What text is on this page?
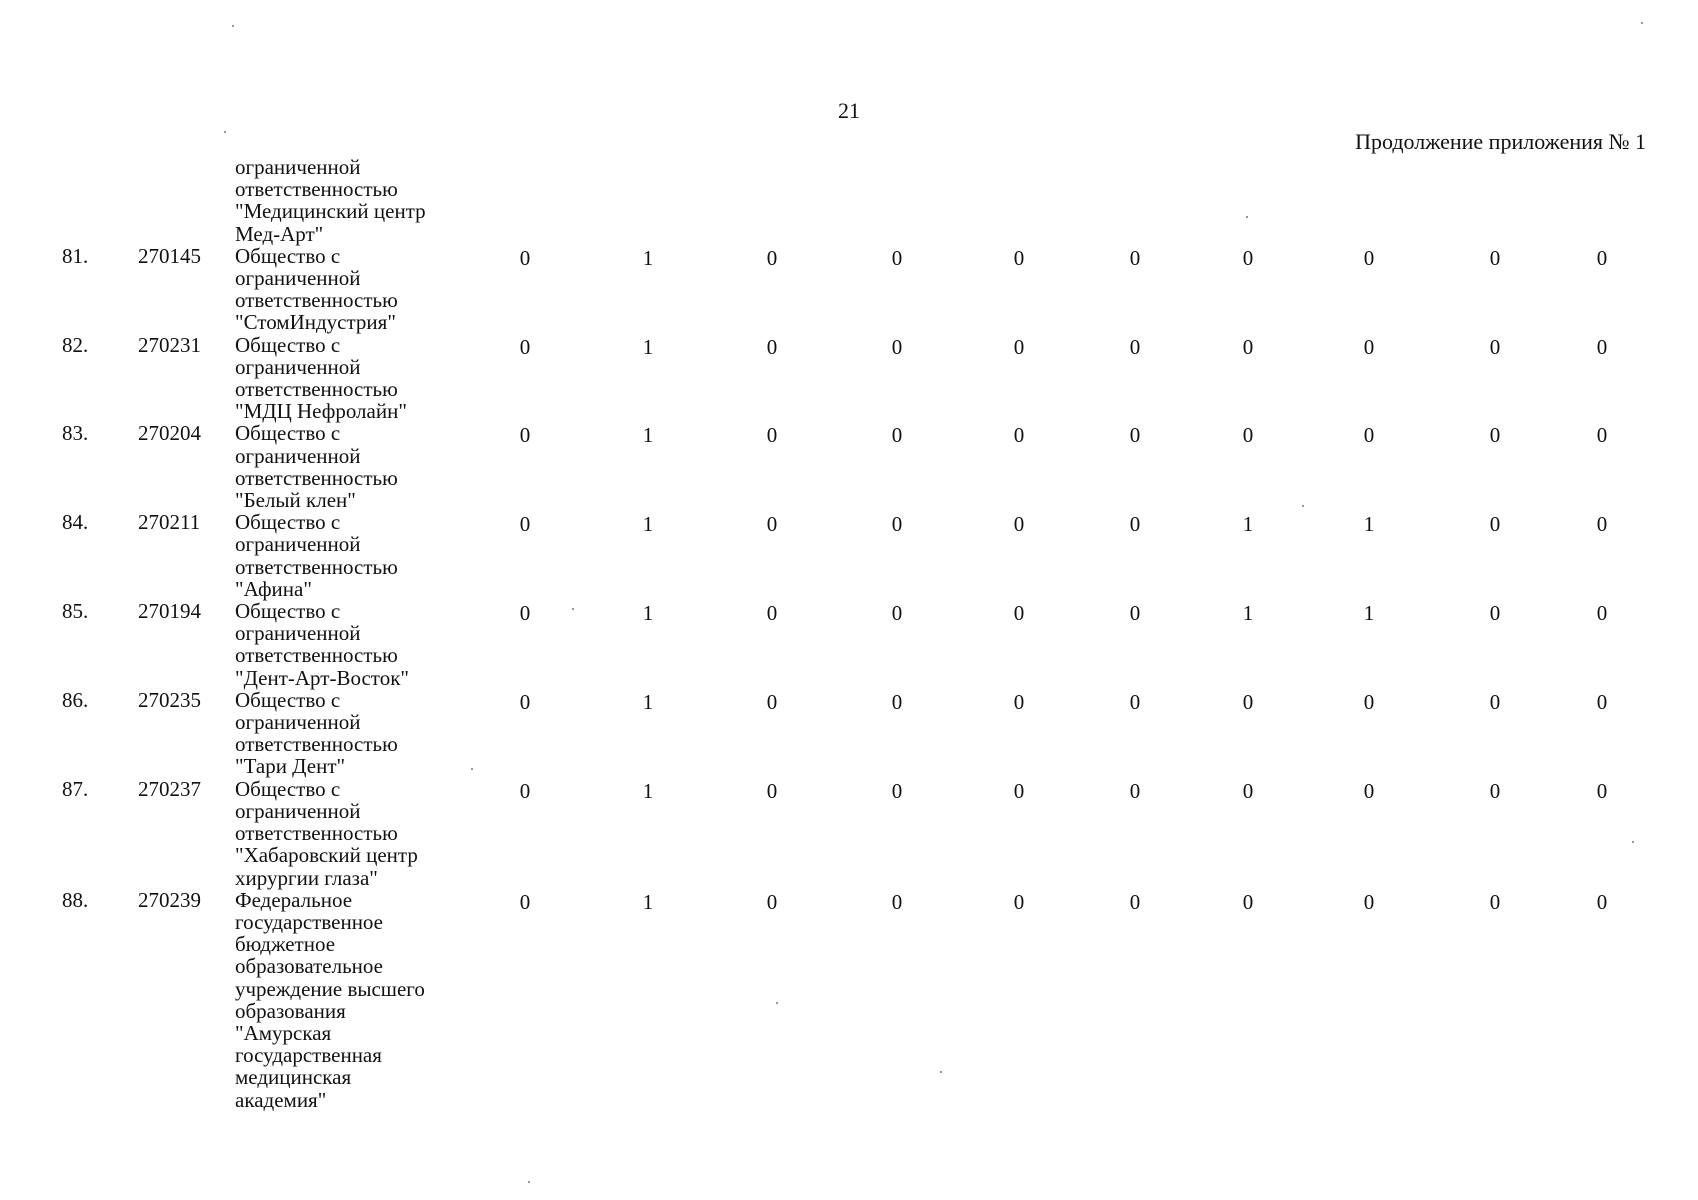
21
Продолжение приложения № 1
ограниченной
ответственностью
"Медицинский центр
Мед-Арт"
81.	270145	Общество с
ограниченной
ответственностью
"СтомИндустрия"
0	1	0	0	0	0	0	0	0	0
82.	270231	Общество с
ограниченной
ответственностью
"МДЦ Нефролайн"
0	1	0	0	0	0	0	0	0	0
83.	270204	Общество с
ограниченной
ответственностью
"Белый клен"
0	1	0	0	0	0	0	0	0	0
84.	270211	Общество с
ограниченной
ответственностью
"Афина"
0	1	0	0	0	0	1	1	0	0
85.	270194	Общество с
ограниченной
ответственностью
"Дент-Арт-Восток"
0	1	0	0	0	0	1	1	0	0
86.	270235	Общество с
ограниченной
ответственностью
"Тари Дент"
0	1	0	0	0	0	0	0	0	0
87.	270237	Общество с
ограниченной
ответственностью
"Хабаровский центр
хирургии глаза"
0	1	0	0	0	0	0	0	0	0
88.	270239	Федеральное
государственное
бюджетное
образовательное
учреждение высшего
образования
"Амурская
государственная
медицинская
академия"
0	1	0	0	0	0	0	0	0	0
